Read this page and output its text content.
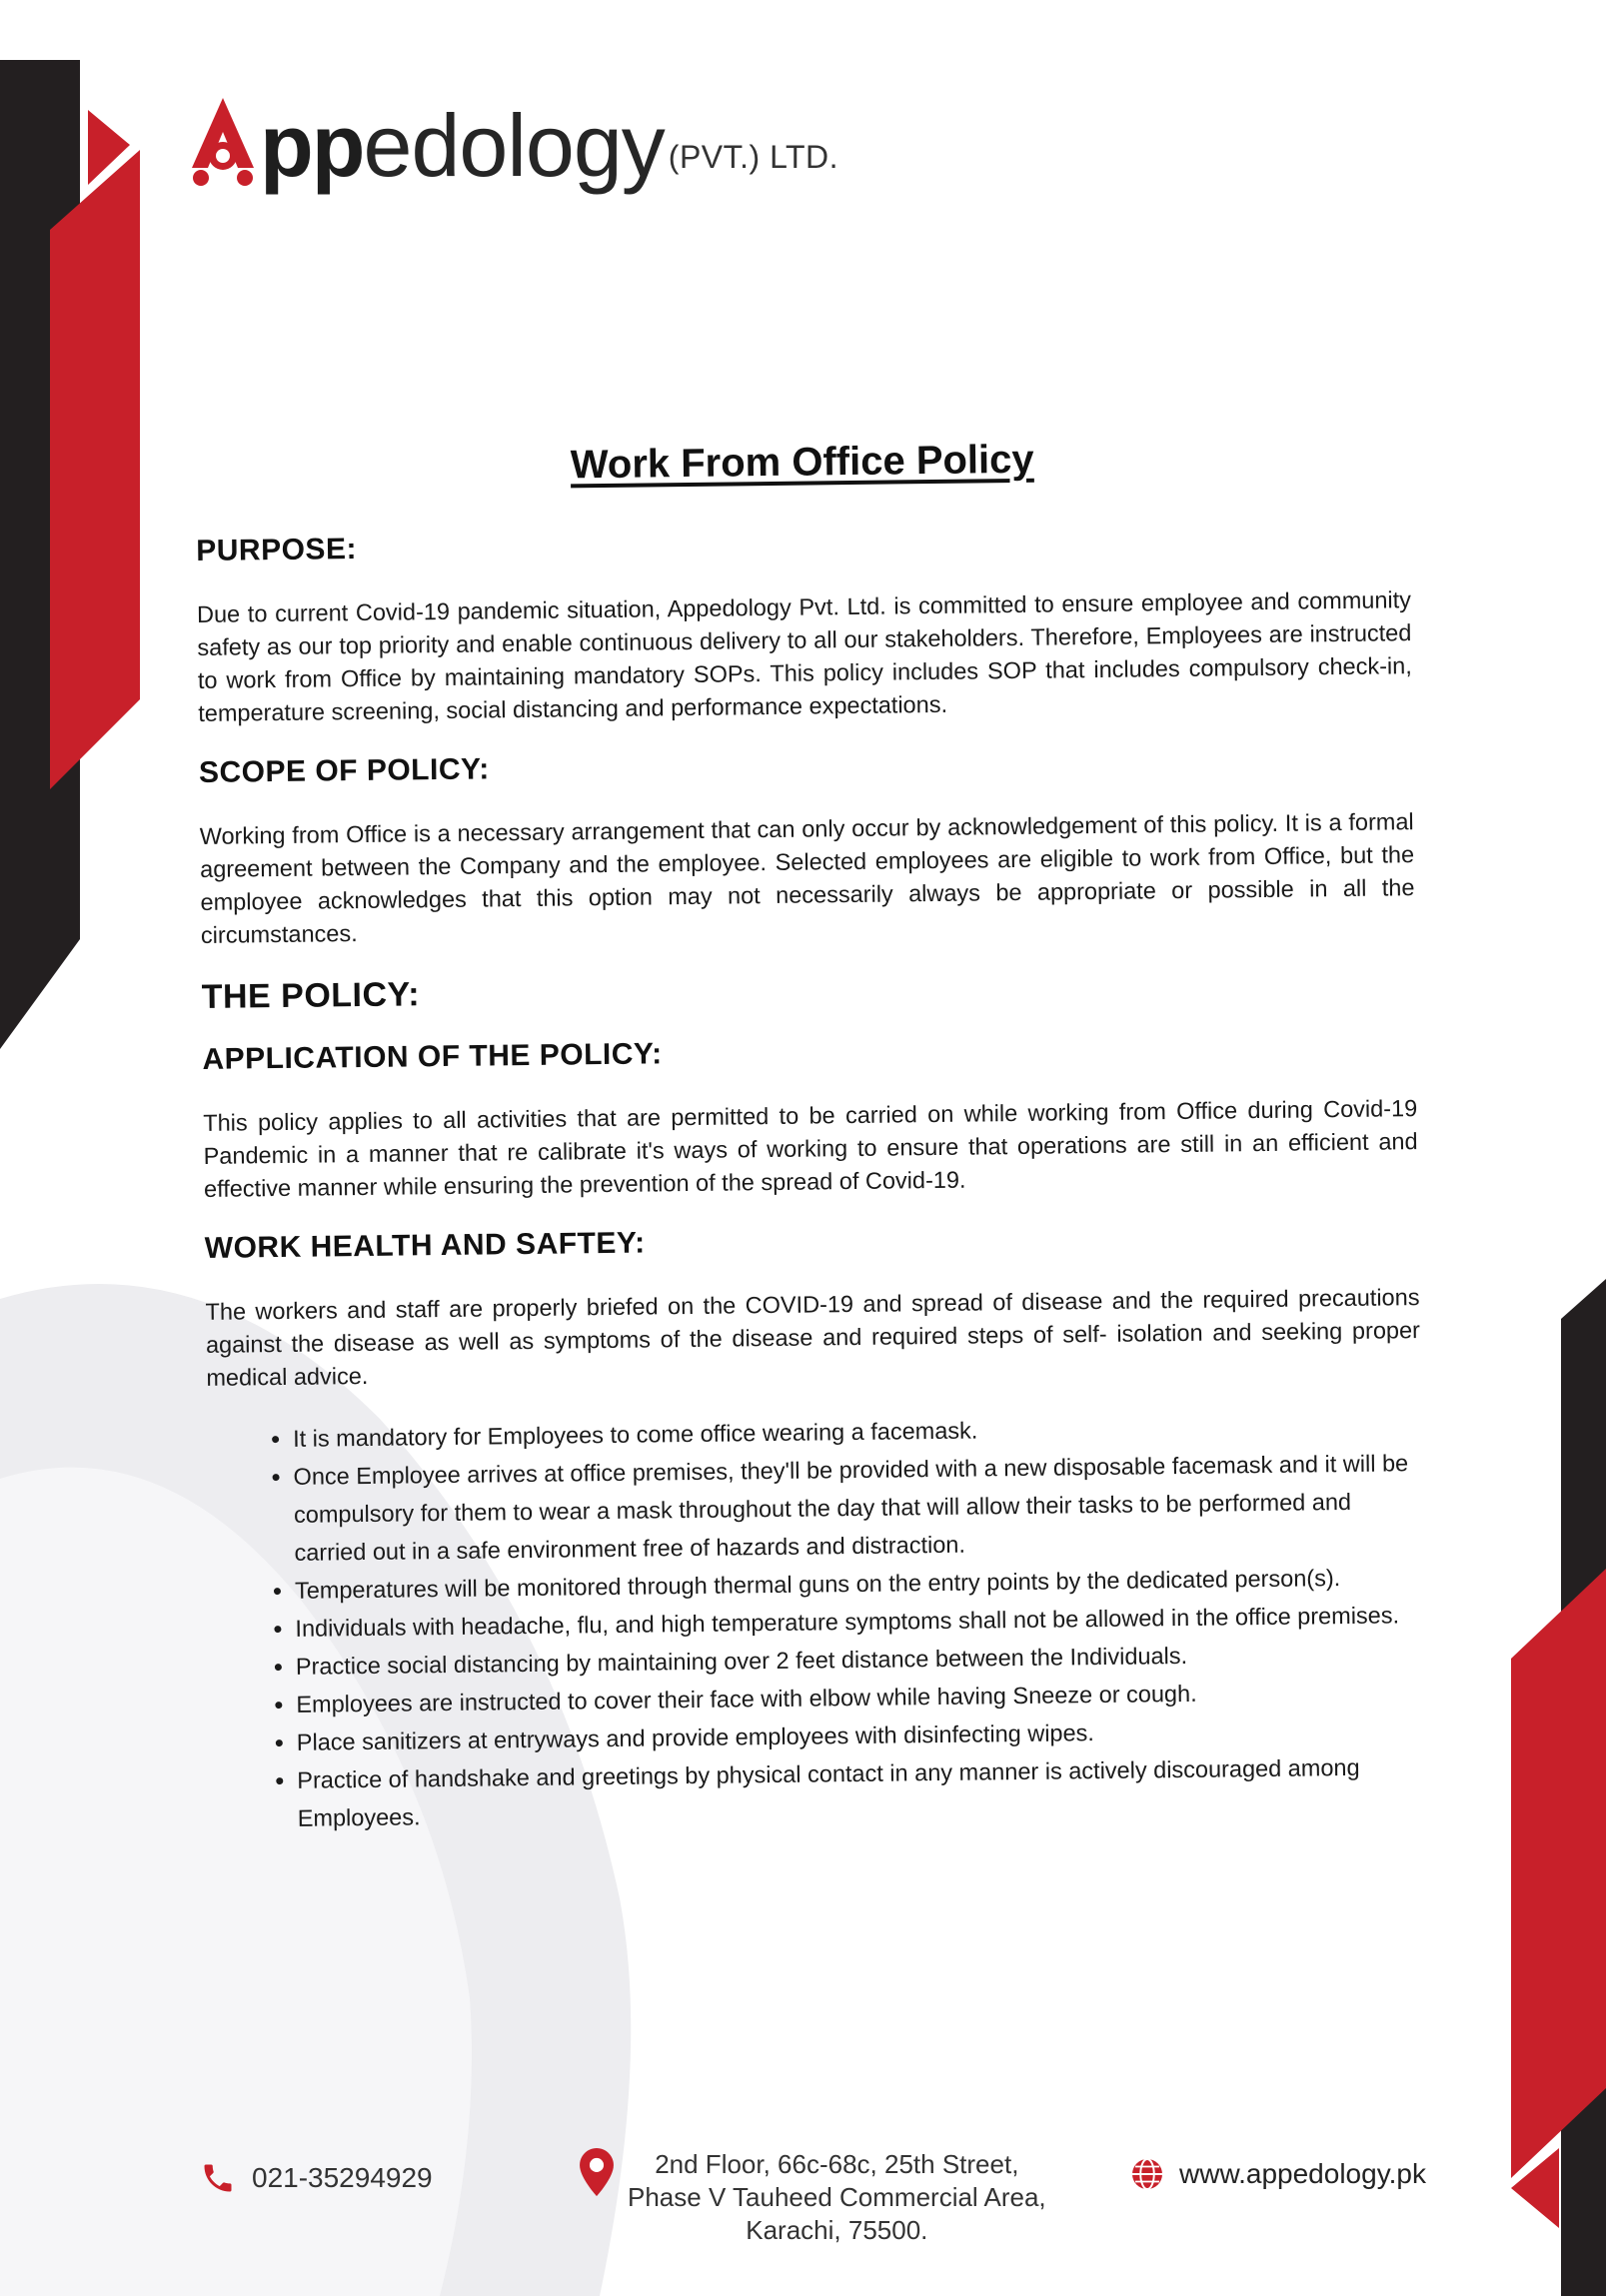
pp edology (PVT.) LTD.
Work From Office Policy
PURPOSE:

Due to current Covid-19 pandemic situation, Appedology Pvt. Ltd. is committed to ensure employee and community safety as our top priority and enable continuous delivery to all our stakeholders. Therefore, Employees are instructed to work from Office by maintaining mandatory SOPs. This policy includes SOP that includes compulsory check-in, temperature screening, social distancing and performance expectations.

SCOPE OF POLICY:

Working from Office is a necessary arrangement that can only occur by acknowledgement of this policy. It is a formal agreement between the Company and the employee. Selected employees are eligible to work from Office, but the employee acknowledges that this option may not necessarily always be appropriate or possible in all the circumstances.

THE POLICY:
APPLICATION OF THE POLICY:

This policy applies to all activities that are permitted to be carried on while working from Office during Covid-19 Pandemic in a manner that re calibrate it's ways of working to ensure that operations are still in an efficient and effective manner while ensuring the prevention of the spread of Covid-19.

WORK HEALTH AND SAFTEY:

The workers and staff are properly briefed on the COVID-19 and spread of disease and the required precautions against the disease as well as symptoms of the disease and required steps of self- isolation and seeking proper medical advice.

• It is mandatory for Employees to come office wearing a facemask.
• Once Employee arrives at office premises, they'll be provided with a new disposable facemask and it will be compulsory for them to wear a mask throughout the day that will allow their tasks to be performed and carried out in a safe environment free of hazards and distraction.
• Temperatures will be monitored through thermal guns on the entry points by the dedicated person(s).
• Individuals with headache, flu, and high temperature symptoms shall not be allowed in the office premises.
• Practice social distancing by maintaining over 2 feet distance between the Individuals.
• Employees are instructed to cover their face with elbow while having Sneeze or cough.
• Place sanitizers at entryways and provide employees with disinfecting wipes.
• Practice of handshake and greetings by physical contact in any manner is actively discouraged among Employees.
021-35294929	2nd Floor, 66c-68c, 25th Street,
Phase V Tauheed Commercial Area,
Karachi, 75500.
www.appedology.pk
